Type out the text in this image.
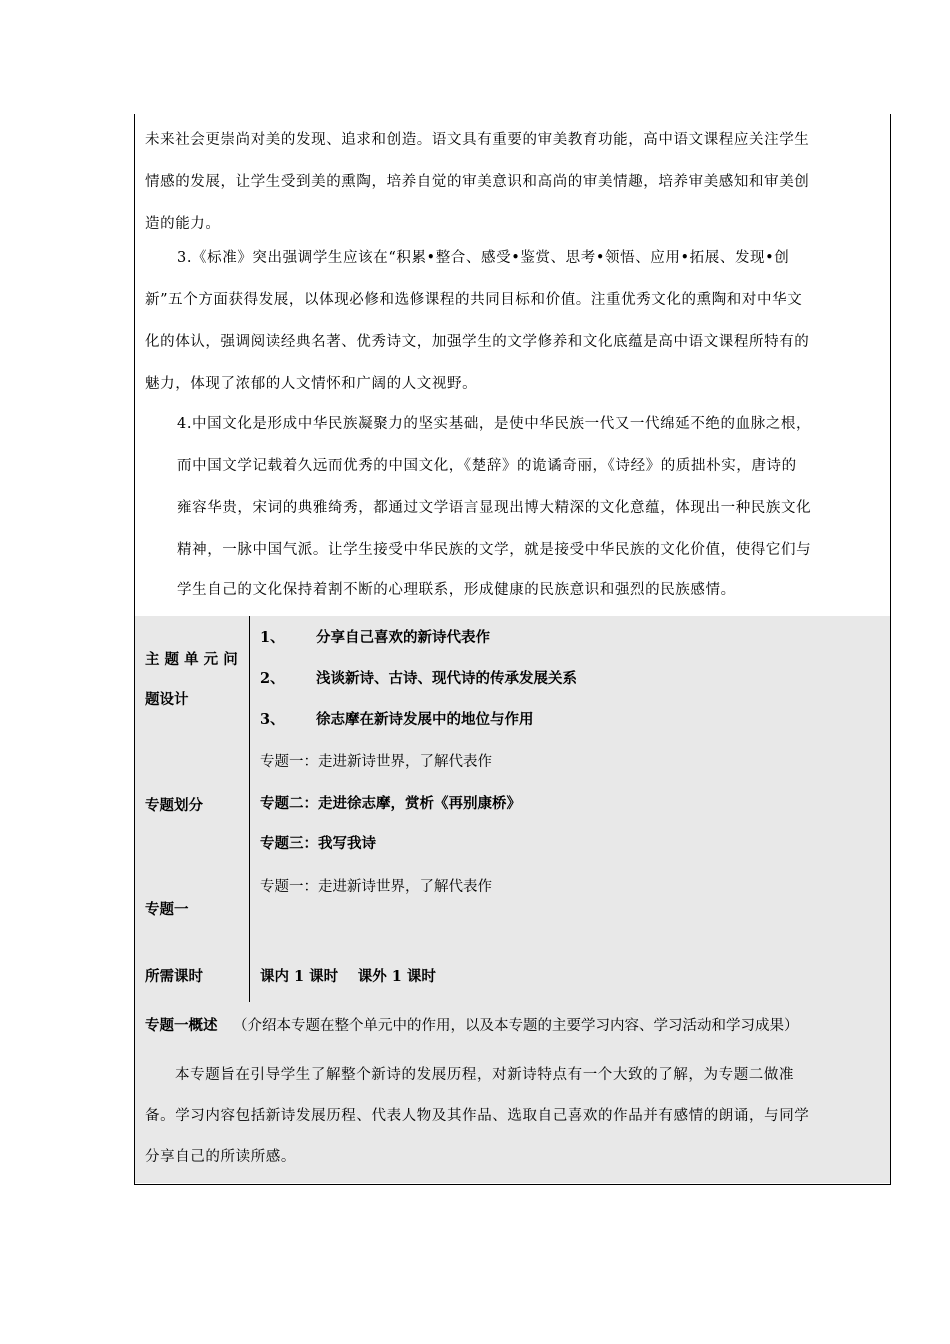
未来社会更崇尚对美的发现、追求和创造。语文具有重要的审美教育功能，高中语文课程应关注学生
情感的发展，让学生受到美的熏陶，培养自觉的审美意识和高尚的审美情趣，培养审美感知和审美创
造的能力。
3.《标准》突出强调学生应该在“积累•整合、感受•鉴赏、思考•领悟、应用•拓展、发现•创
新”五个方面获得发展，以体现必修和选修课程的共同目标和价值。注重优秀文化的熏陶和对中华文
化的体认，强调阅读经典名著、优秀诗文，加强学生的文学修养和文化底蕴是高中语文课程所特有的
魅力，体现了浓郁的人文情怀和广阔的人文视野。
4.中国文化是形成中华民族凝聚力的坚实基础，是使中华民族一代又一代绵延不绝的血脉之根，
而中国文学记载着久远而优秀的中国文化，《楚辞》的诡谲奇丽，《诗经》的质拙朴实，唐诗的
雍容华贵，宋词的典雅绮秀，都通过文学语言显现出博大精深的文化意蕴，体现出一种民族文化
精神，一脉中国气派。让学生接受中华民族的文学，就是接受中华民族的文化价值，使得它们与
学生自己的文化保持着割不断的心理联系，形成健康的民族意识和强烈的民族感情。
主 题 单 元 问
题设计
1、 分享自己喜欢的新诗代表作
2、 浅谈新诗、古诗、现代诗的传承发展关系
3、 徐志摩在新诗发展中的地位与作用
专题划分
专题一：走进新诗世界，了解代表作
专题二：走进徐志摩，赏析《再别康桥》
专题三：我写我诗
专题一
专题一：走进新诗世界，了解代表作
所需课时	课内 1 课时　 课外 1 课时
专题一概述 （介绍本专题在整个单元中的作用，以及本专题的主要学习内容、学习活动和学习成果）
本专题旨在引导学生了解整个新诗的发展历程，对新诗特点有一个大致的了解，为专题二做准
备。学习内容包括新诗发展历程、代表人物及其作品、选取自己喜欢的作品并有感情的朗诵，与同学
分享自己的所读所感。
